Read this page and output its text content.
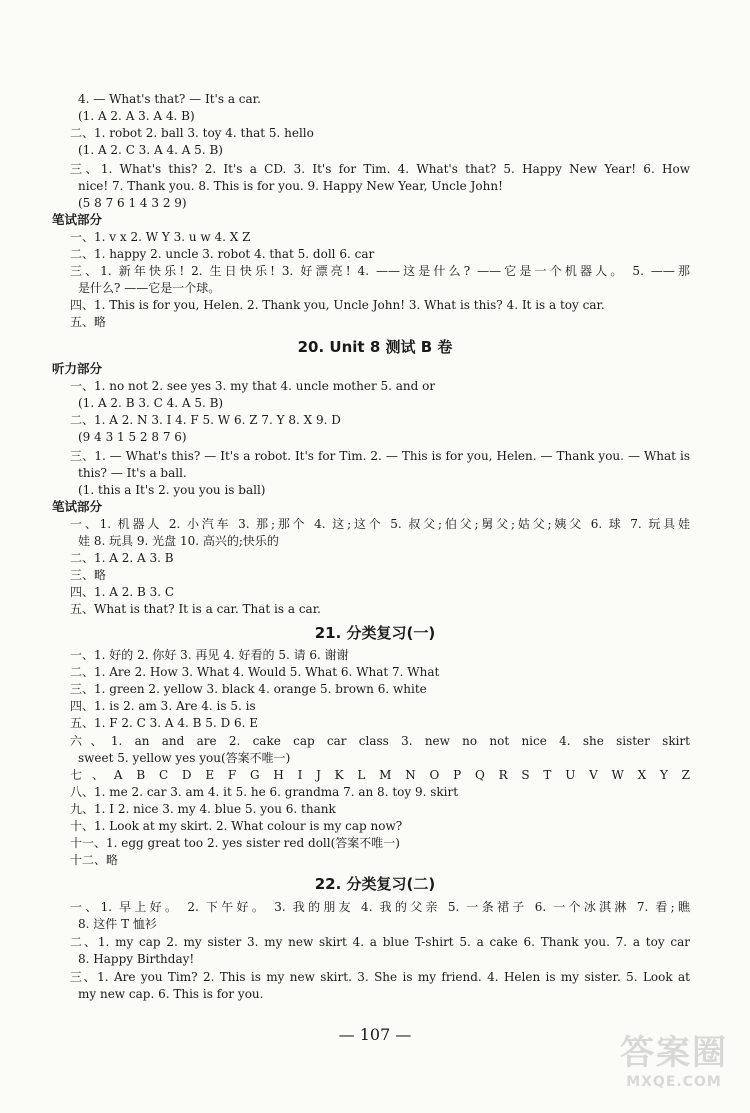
4. — What's that? — It's a car.
(1. A 2. A 3. A 4. B)
二、1. robot 2. ball 3. toy 4. that 5. hello
(1. A 2. C 3. A 4. A 5. B)
三、1. What's this? 2. It's a CD. 3. It's for Tim. 4. What's that? 5. Happy New Year! 6. How
nice! 7. Thank you. 8. This is for you. 9. Happy New Year, Uncle John!
(5 8 7 6 1 4 3 2 9)
笔试部分
一、1. v x 2. W Y 3. u w 4. X Z
二、1. happy 2. uncle 3. robot 4. that 5. doll 6. car
三、1. 新年快乐! 2. 生日快乐! 3. 好漂亮! 4. ——这是什么? ——它是一个机器人。 5. ——那
是什么? ——它是一个球。
四、1. This is for you, Helen. 2. Thank you, Uncle John! 3. What is this? 4. It is a toy car.
五、略
20. Unit 8 测试 B 卷
听力部分
一、1. no not 2. see yes 3. my that 4. uncle mother 5. and or
(1. A 2. B 3. C 4. A 5. B)
二、1. A 2. N 3. I 4. F 5. W 6. Z 7. Y 8. X 9. D
(9 4 3 1 5 2 8 7 6)
三、1. — What's this? — It's a robot. It's for Tim. 2. — This is for you, Helen. — Thank you. — What is
this? — It's a ball.
(1. this a It's 2. you you is ball)
笔试部分
一、1. 机器人 2. 小汽车 3. 那;那个 4. 这;这个 5. 叔父;伯父;舅父;姑父;姨父 6. 球 7. 玩具娃
娃 8. 玩具 9. 光盘 10. 高兴的;快乐的
二、1. A 2. A 3. B
三、略
四、1. A 2. B 3. C
五、What is that? It is a car. That is a car.
21. 分类复习(一)
一、1. 好的 2. 你好 3. 再见 4. 好看的 5. 请 6. 谢谢
二、1. Are 2. How 3. What 4. Would 5. What 6. What 7. What
三、1. green 2. yellow 3. black 4. orange 5. brown 6. white
四、1. is 2. am 3. Are 4. is 5. is
五、1. F 2. C 3. A 4. B 5. D 6. E
六、1. an and are 2. cake cap car class 3. new no not nice 4. she sister skirt
sweet 5. yellow yes you(答案不唯一)
七、A B C D E F G H I J K L M N O P Q R S T U V W X Y Z
八、1. me 2. car 3. am 4. it 5. he 6. grandma 7. an 8. toy 9. skirt
九、1. I 2. nice 3. my 4. blue 5. you 6. thank
十、1. Look at my skirt. 2. What colour is my cap now?
十一、1. egg great too 2. yes sister red doll(答案不唯一)
十二、略
22. 分类复习(二)
一、1. 早上好。 2. 下午好。 3. 我的朋友 4. 我的父亲 5. 一条裙子 6. 一个冰淇淋 7. 看;瞧
8. 这件 T 恤衫
二、1. my cap 2. my sister 3. my new skirt 4. a blue T-shirt 5. a cake 6. Thank you. 7. a toy car
8. Happy Birthday!
三、1. Are you Tim? 2. This is my new skirt. 3. She is my friend. 4. Helen is my sister. 5. Look at
my new cap. 6. This is for you.
— 107 —	答案圈
MXQE.COM
